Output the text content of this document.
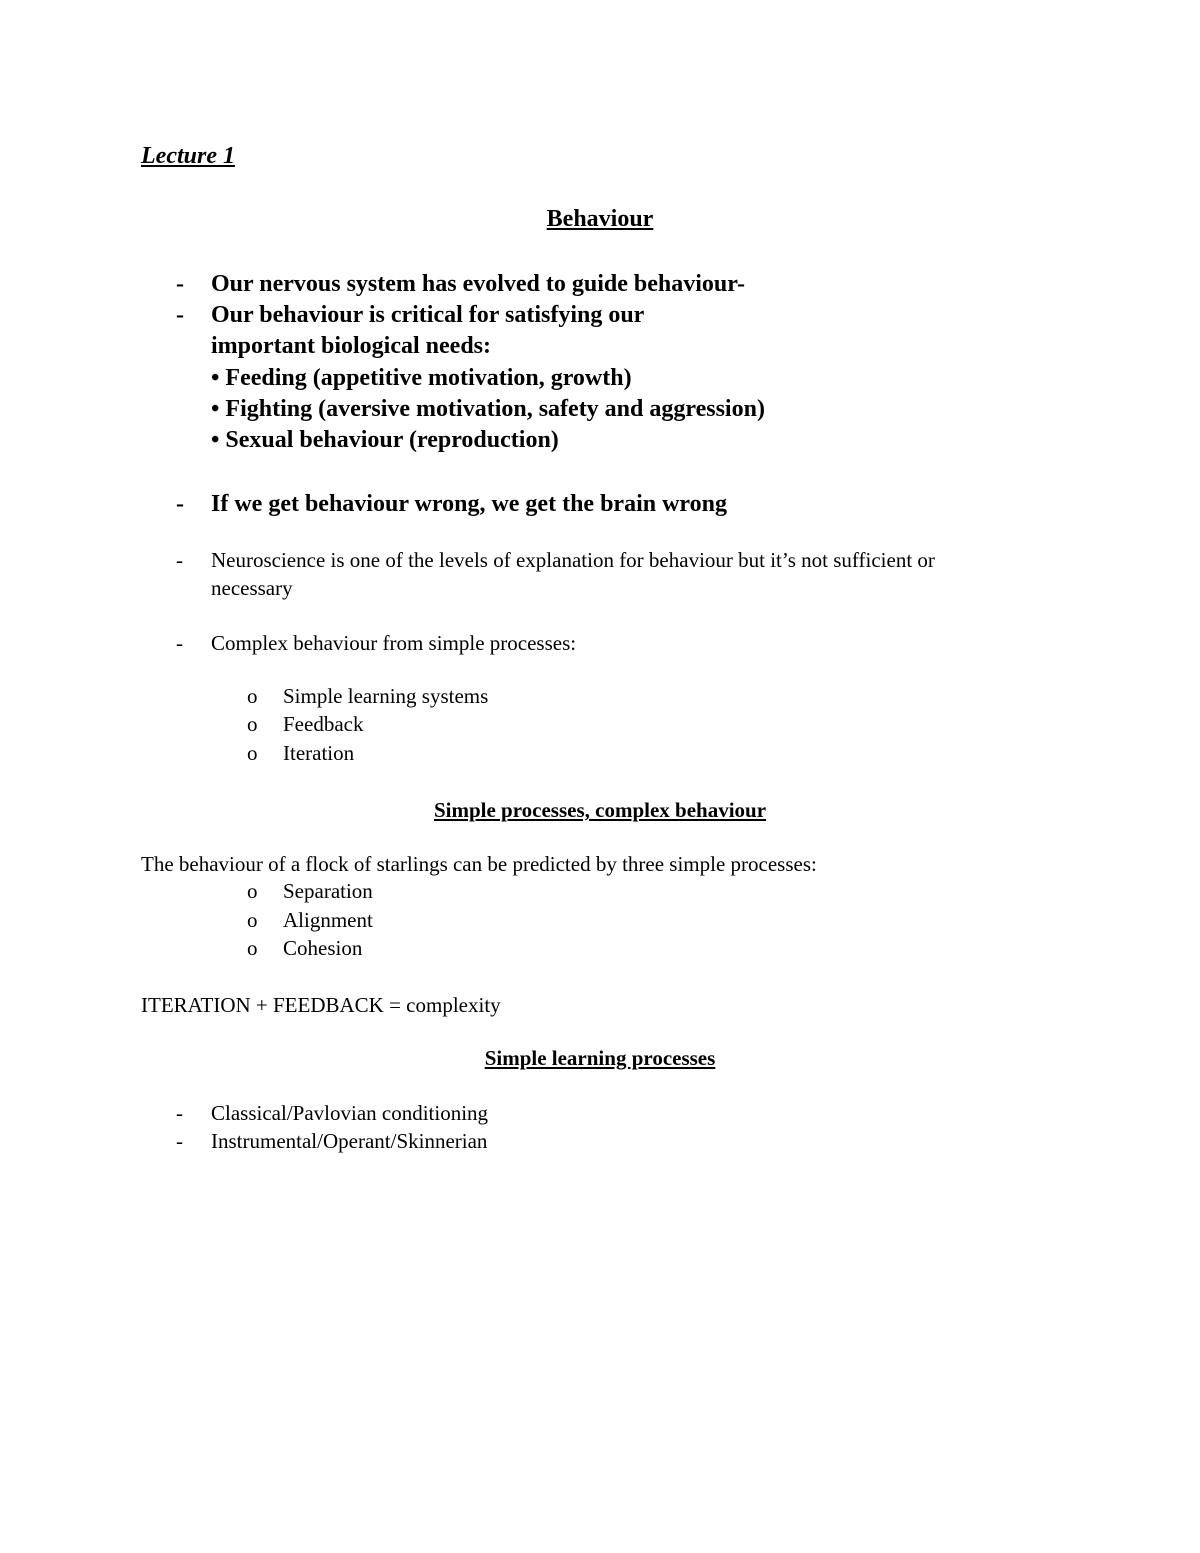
Lecture 1
Behaviour
- Our nervous system has evolved to guide behaviour-
- Our behaviour is critical for satisfying our
important biological needs:
• Feeding (appetitive motivation, growth)
• Fighting (aversive motivation, safety and aggression)
• Sexual behaviour (reproduction)
- If we get behaviour wrong, we get the brain wrong
- Neuroscience is one of the levels of explanation for behaviour but it’s not sufficient or
necessary
- Complex behaviour from simple processes:
o Simple learning systems
o Feedback
o Iteration
Simple processes, complex behaviour
The behaviour of a flock of starlings can be predicted by three simple processes:
o Separation
o Alignment
o Cohesion
ITERATION + FEEDBACK = complexity
Simple learning processes
- Classical/Pavlovian conditioning
- Instrumental/Operant/Skinnerian
